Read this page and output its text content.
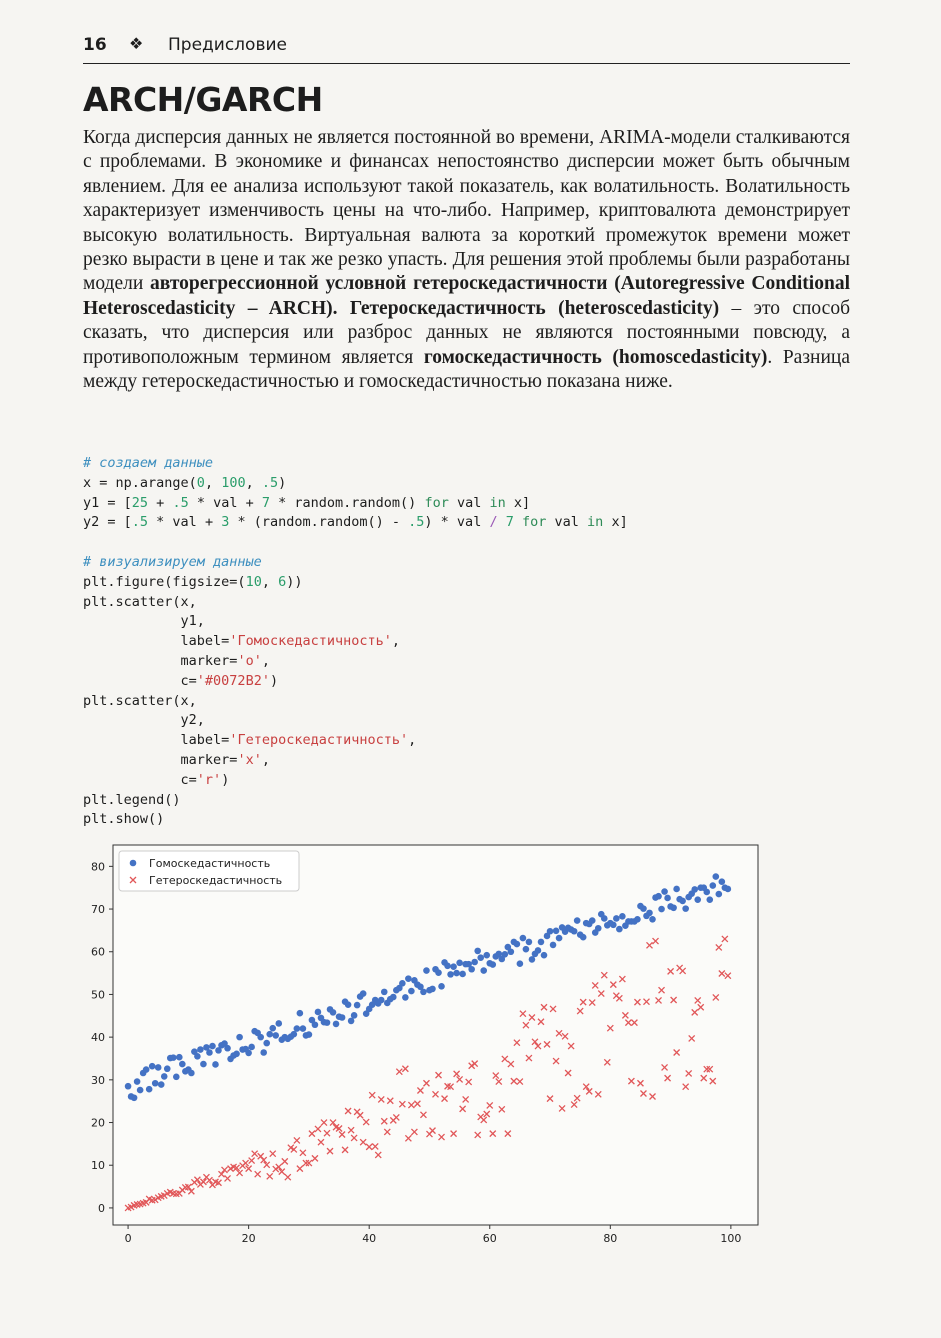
16 ❖ Предисловие
ARCH/GARCH

Когда дисперсия данных не является постоянной во времени, ARIMA-модели сталкиваются с проблемами. В экономике и финансах непостоянство дисперсии может быть обычным явлением. Для ее анализа используют такой показатель, как волатильность. Волатильность характеризует изменчивость цены на что-либо. Например, криптовалюта демонстрирует высокую волатильность. Виртуальная валюта за короткий промежуток времени может резко вырасти в цене и так же резко упасть. Для решения этой проблемы были разработаны модели авторегрессионной условной гетероскедастичности (Autoregressive Conditional Heteroscedasticity – ARCH). Гетероскедастичность (heteroscedasticity) – это способ сказать, что дисперсия или разброс данных не являются постоянными повсюду, а противоположным термином является гомоскедастичность (homoscedasticity). Разница между гетероскедастичностью и гомоскедастичностью показана ниже.

# создаем данные
x = np.arange(0, 100, .5)
y1 = [25 + .5 * val + 7 * random.random() for val in x]
y2 = [.5 * val + 3 * (random.random() - .5) * val / 7 for val in x]

# визуализируем данные
plt.figure(figsize=(10, 6))
plt.scatter(x,
y1,
label='Гомоскедастичность',
marker='o',
c='#0072B2')
plt.scatter(x,
y2,
label='Гетероскедастичность',
marker='x',
c='r')
plt.legend()
plt.show()

0	20	40	60	80	100
0
10
20
30
40
50
60
70
80	Гомоскедастичность
Гетероскедастичность
